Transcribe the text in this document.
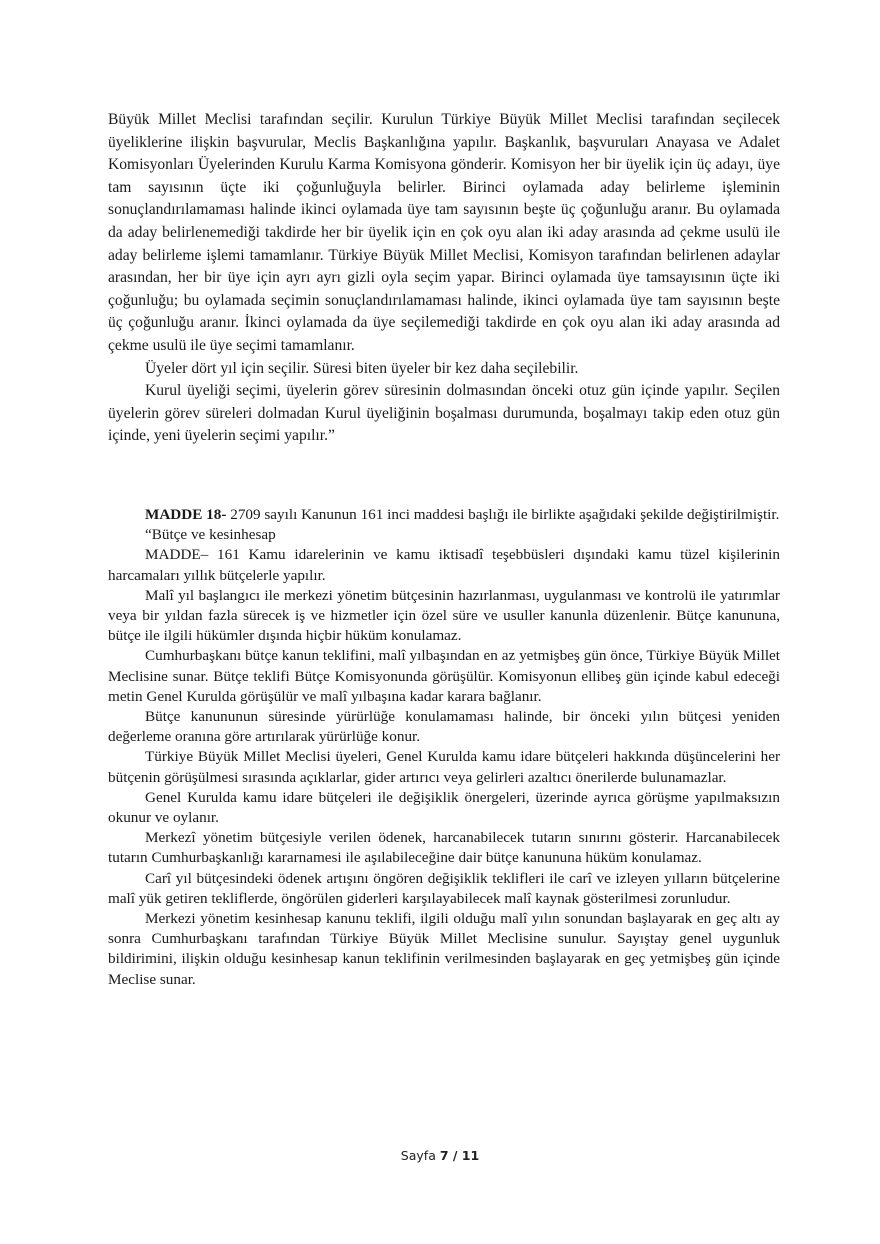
Büyük Millet Meclisi tarafından seçilir. Kurulun Türkiye Büyük Millet Meclisi tarafından seçilecek üyeliklerine ilişkin başvurular, Meclis Başkanlığına yapılır. Başkanlık, başvuruları Anayasa ve Adalet Komisyonları Üyelerinden Kurulu Karma Komisyona gönderir. Komisyon her bir üyelik için üç adayı, üye tam sayısının üçte iki çoğunluğuyla belirler. Birinci oylamada aday belirleme işleminin sonuçlandırılamaması halinde ikinci oylamada üye tam sayısının beşte üç çoğunluğu aranır. Bu oylamada da aday belirlenemediği takdirde her bir üyelik için en çok oyu alan iki aday arasında ad çekme usulü ile aday belirleme işlemi tamamlanır. Türkiye Büyük Millet Meclisi, Komisyon tarafından belirlenen adaylar arasından, her bir üye için ayrı ayrı gizli oyla seçim yapar. Birinci oylamada üye tamsayısının üçte iki çoğunluğu; bu oylamada seçimin sonuçlandırılamaması halinde, ikinci oylamada üye tam sayısının beşte üç çoğunluğu aranır. İkinci oylamada da üye seçilemediği takdirde en çok oyu alan iki aday arasında ad çekme usulü ile üye seçimi tamamlanır.

Üyeler dört yıl için seçilir. Süresi biten üyeler bir kez daha seçilebilir.

Kurul üyeliği seçimi, üyelerin görev süresinin dolmasından önceki otuz gün içinde yapılır. Seçilen üyelerin görev süreleri dolmadan Kurul üyeliğinin boşalması durumunda, boşalmayı takip eden otuz gün içinde, yeni üyelerin seçimi yapılır.”

MADDE 18- 2709 sayılı Kanunun 161 inci maddesi başlığı ile birlikte aşağıdaki şekilde değiştirilmiştir.

“Bütçe ve kesinhesap

MADDE– 161 Kamu idarelerinin ve kamu iktisadî teşebbüsleri dışındaki kamu tüzel kişilerinin harcamaları yıllık bütçelerle yapılır.

Malî yıl başlangıcı ile merkezi yönetim bütçesinin hazırlanması, uygulanması ve kontrolü ile yatırımlar veya bir yıldan fazla sürecek iş ve hizmetler için özel süre ve usuller kanunla düzenlenir. Bütçe kanununa, bütçe ile ilgili hükümler dışında hiçbir hüküm konulamaz.

Cumhurbaşkanı bütçe kanun teklifini, malî yılbaşından en az yetmişbeş gün önce, Türkiye Büyük Millet Meclisine sunar. Bütçe teklifi Bütçe Komisyonunda görüşülür. Komisyonun ellibeş gün içinde kabul edeceği metin Genel Kurulda görüşülür ve malî yılbaşına kadar karara bağlanır.

Bütçe kanununun süresinde yürürlüğe konulamaması halinde, bir önceki yılın bütçesi yeniden değerleme oranına göre artırılarak yürürlüğe konur.

Türkiye Büyük Millet Meclisi üyeleri, Genel Kurulda kamu idare bütçeleri hakkında düşüncelerini her bütçenin görüşülmesi sırasında açıklarlar, gider artırıcı veya gelirleri azaltıcı önerilerde bulunamazlar.

Genel Kurulda kamu idare bütçeleri ile değişiklik önergeleri, üzerinde ayrıca görüşme yapılmaksızın okunur ve oylanır.

Merkezî yönetim bütçesiyle verilen ödenek, harcanabilecek tutarın sınırını gösterir. Harcanabilecek tutarın Cumhurbaşkanlığı kararnamesi ile aşılabileceğine dair bütçe kanununa hüküm konulamaz.

Carî yıl bütçesindeki ödenek artışını öngören değişiklik teklifleri ile carî ve izleyen yılların bütçelerine malî yük getiren tekliflerde, öngörülen giderleri karşılayabilecek malî kaynak gösterilmesi zorunludur.

Merkezi yönetim kesinhesap kanunu teklifi, ilgili olduğu malî yılın sonundan başlayarak en geç altı ay sonra Cumhurbaşkanı tarafından Türkiye Büyük Millet Meclisine sunulur. Sayıştay genel uygunluk bildirimini, ilişkin olduğu kesinhesap kanun teklifinin verilmesinden başlayarak en geç yetmişbeş gün içinde Meclise sunar.

Sayfa 7 / 11
